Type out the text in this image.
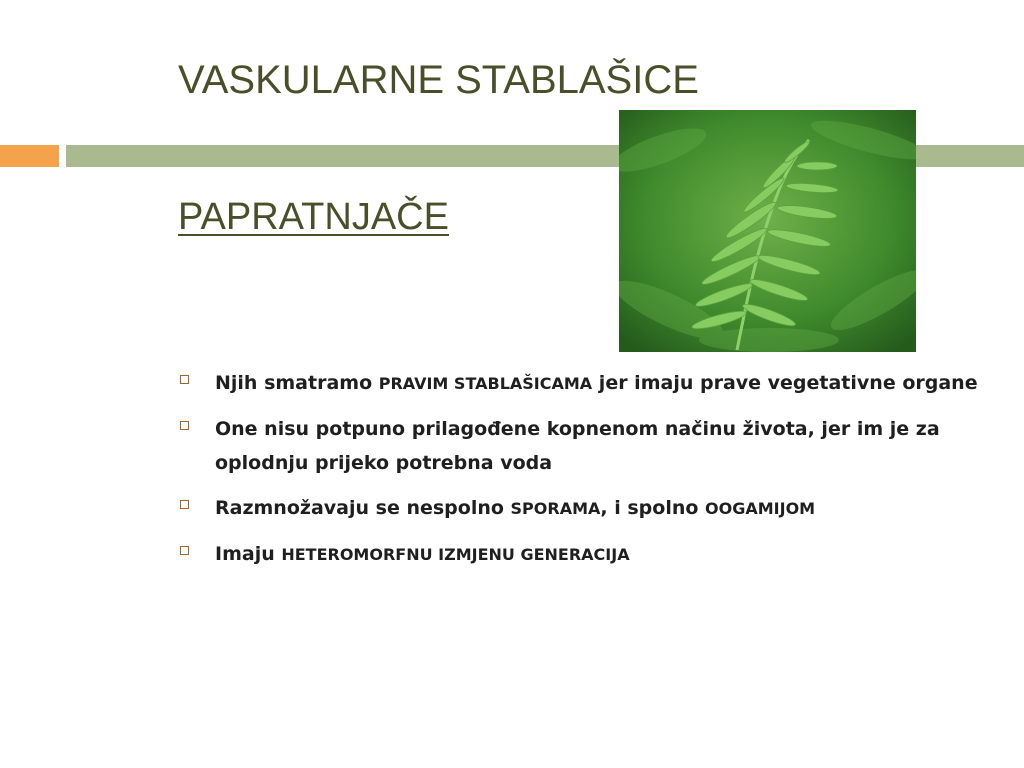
VASKULARNE STABLAŠICE
PAPRATNJAČE
Njih smatramo PRAVIM STABLAŠICAMA jer imaju prave vegetativne organe
One nisu potpuno prilagođene kopnenom načinu života, jer im je za oplodnju prijeko potrebna voda
Razmnožavaju se nespolno SPORAMA, i spolno OOGAMIJOM
Imaju HETEROMORFNU IZMJENU GENERACIJA
